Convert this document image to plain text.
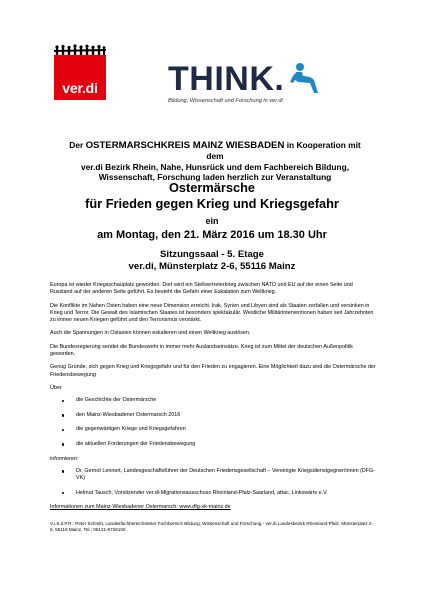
ver.di THINK.
Bildung, Wissenschaft und Forschung in ver.di
Der OSTERMARSCHKREIS MAINZ WIESBADEN in Kooperation mit dem
ver.di Bezirk Rhein, Nahe, Hunsrück und dem Fachbereich Bildung,
Wissenschaft, Forschung laden herzlich zur Veranstaltung
Ostermärsche
für Frieden gegen Krieg und Kriegsgefahr
ein
am Montag, den 21. März 2016 um 18.30 Uhr
Sitzungssaal - 5. Etage
ver.di, Münsterplatz 2-6, 55116 Mainz

Europa ist wieder Kriegsschauplatz geworden. Dort wird ein Stellvertreterkrieg zwischen NATO und EU auf der einen Seite und Russland auf der anderen Seite geführt. Es besteht die Gefahr einer Eskalation zum Weltkrieg.

Die Konflikte im Nahen Osten haben eine neue Dimension erreicht. Irak, Syrien und Libyen sind als Staaten zerfallen und versinken in Krieg und Terror. Die Gewalt des Islamischen Staates ist besonders spektakulär. Westliche Militärinterventionen haben seit Jahrzehnten zu immer neuen Kriegen geführt und den Terrorismus verstärkt.

Auch die Spannungen in Ostasien können eskalieren und einen Weltkrieg auslösen.

Die Bundesregierung sendet die Bundeswehr in immer mehr Auslandseinsätze. Krieg ist zum Mittel der deutschen Außenpolitik geworden.

Genug Gründe, sich gegen Krieg und Kriegsgefahr und für den Frieden zu engagieren. Eine Möglichkeit dazu sind die Ostermärsche der Friedensbewegung

Über

die Geschichte der Ostermärsche
den Mainz-Wiesbadener Ostermarsch 2016
die gegenwärtigen Kriege und Kriegsgefahren
die aktuellen Forderungen der Friedensbewegung

informieren:

Dr. Gernot Lennert, Landesgeschäftsführer der Deutschen Friedensgesellschaft – Vereinigte Kriegsdienstgegner/innen (DFG-VK)
Helmut Tausch, Vorsitzender ver.di-Migrationsausschuss Rheinland-Pfalz-Saarland, attac, Linkswärts e.V.

Informationen zum Mainz-Wiesbadener Ostermarsch: www.dfg-vk-mainz.de

V.i.S.d.P.R.: Peter Schmitt, Landesfachbereichsleiter Fachbereich Bildung, Wissenschaft und Forschung - ver.di Landesbezirk Rheinland-Pfalz, Münsterplatz 2-6, 55116 Mainz, Tel.: 06131-9726150
